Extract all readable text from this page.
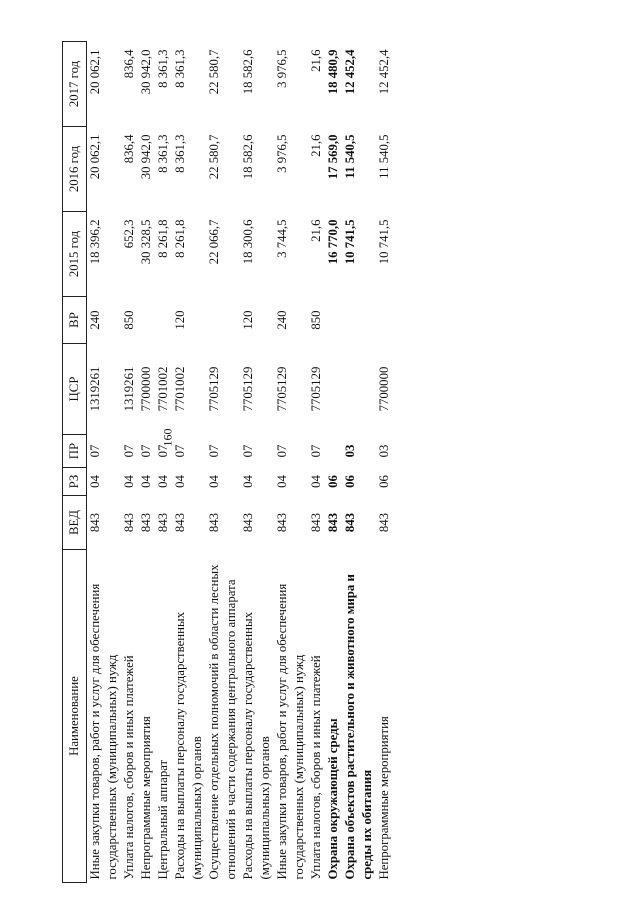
160
Наименование	ВЕД	РЗ	ПР	ЦСР	ВР	2015 год	2016 год	2017 год
Иные закупки товаров, работ и услуг для обеспечения государственных (муниципальных) нужд	843	04	07	1319261	240	18 396,2	20 062,1	20 062,1
Уплата налогов, сборов и иных платежей	843	04	07	1319261	850	652,3	836,4	836,4
Непрограммные мероприятия	843	04	07	7700000		30 328,5	30 942,0	30 942,0
Центральный аппарат	843	04	07	7701002		8 261,8	8 361,3	8 361,3
Расходы на выплаты персоналу государственных (муниципальных) органов	843	04	07	7701002	120	8 261,8	8 361,3	8 361,3
Осуществление отдельных полномочий в области лесных отношений в части содержания центрального аппарата	843	04	07	7705129		22 066,7	22 580,7	22 580,7
Расходы на выплаты персоналу государственных (муниципальных) органов	843	04	07	7705129	120	18 300,6	18 582,6	18 582,6
Иные закупки товаров, работ и услуг для обеспечения государственных (муниципальных) нужд	843	04	07	7705129	240	3 744,5	3 976,5	3 976,5
Уплата налогов, сборов и иных платежей	843	04	07	7705129	850	21,6	21,6	21,6
Охрана окружающей среды	843	06				16 770,0	17 569,0	18 480,9
Охрана объектов растительного и животного мира и среды их обитания	843	06	03			10 741,5	11 540,5	12 452,4
Непрограммные мероприятия	843	06	03	7700000		10 741,5	11 540,5	12 452,4
